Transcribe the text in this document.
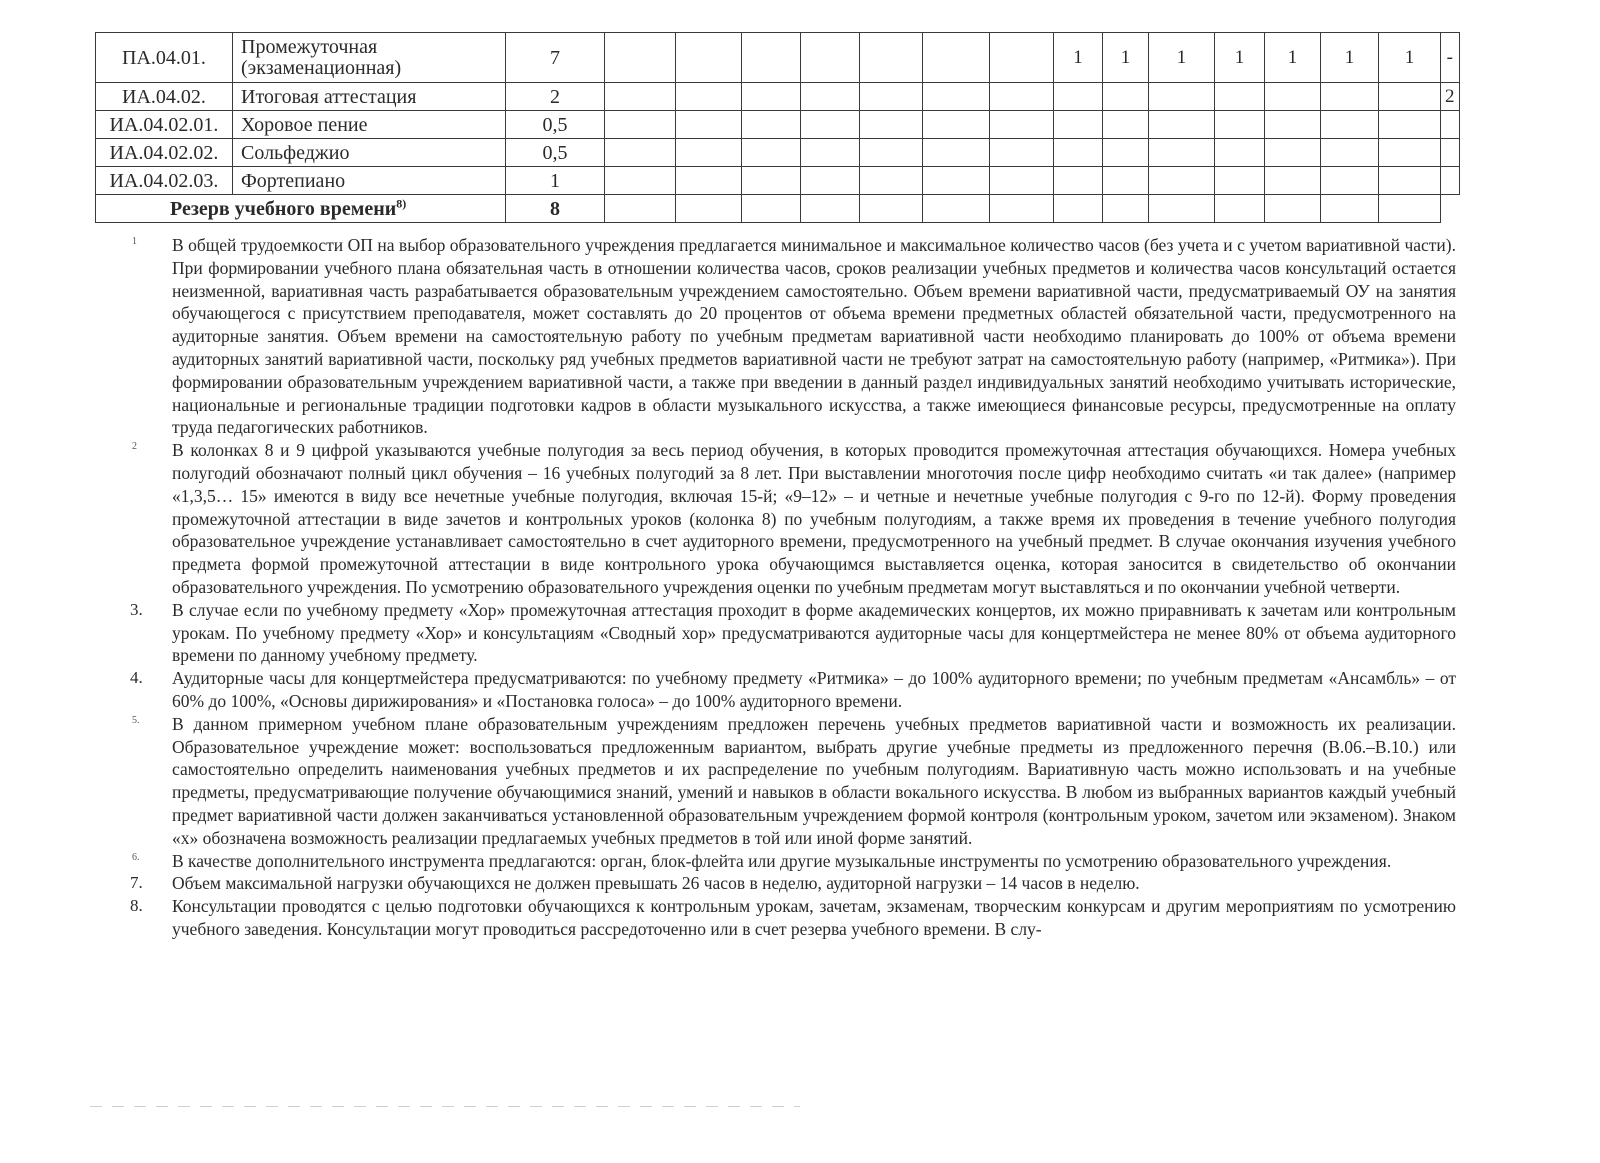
ПА.04.01.	Промежуточная (экзаменационная)	7								1	1	1	1	1	1	1	-
ИА.04.02.	Итоговая аттестация	2															2
ИА.04.02.01.	Хоровое пение	0,5															
ИА.04.02.02.	Сольфеджио	0,5															
ИА.04.02.03.	Фортепиано	1															
Резерв учебного времени$^{8)}$		8															
1	В общей трудоемкости ОП на выбор образовательного учреждения предлагается минимальное и максимальное количество часов (без учета и с учетом вариативной части). При формировании учебного плана обязательная часть в отношении количества часов, сроков реализации учебных предметов и количества часов консультаций остается неизменной, вариативная часть разрабатывается образовательным учреждением самостоятельно. Объем времени вариативной части, предусматриваемый ОУ на занятия обучающегося с присутствием преподавателя, может составлять до 20 процентов от объема времени предметных областей обязательной части, предусмотренного на аудиторные занятия. Объем времени на самостоятельную работу по учебным предметам вариативной части необходимо планировать до 100% от объема времени аудиторных занятий вариативной части, поскольку ряд учебных предметов вариативной части не требуют затрат на самостоятельную работу (например, «Ритмика»). При формировании образовательным учреждением вариативной части, а также при введении в данный раздел индивидуальных занятий необходимо учитывать исторические, национальные и региональные традиции подготовки кадров в области музыкального искусства, а также имеющиеся финансовые ресурсы, предусмотренные на оплату труда педагогических работников.
2	В колонках 8 и 9 цифрой указываются учебные полугодия за весь период обучения, в которых проводится промежуточная аттестация обучающихся. Номера учебных полугодий обозначают полный цикл обучения – 16 учебных полугодий за 8 лет. При выставлении многоточия после цифр необходимо считать «и так далее» (например «1,3,5… 15» имеются в виду все нечетные учебные полугодия, включая 15-й; «9–12» – и четные и нечетные учебные полугодия с 9-го по 12-й). Форму проведения промежуточной аттестации в виде зачетов и контрольных уроков (колонка 8) по учебным полугодиям, а также время их проведения в течение учебного полугодия образовательное учреждение устанавливает самостоятельно в счет аудиторного времени, предусмотренного на учебный предмет. В случае окончания изучения учебного предмета формой промежуточной аттестации в виде контрольного урока обучающимся выставляется оценка, которая заносится в свидетельство об окончании образовательного учреждения. По усмотрению образовательного учреждения оценки по учебным предметам могут выставляться и по окончании учебной четверти.
3.	В случае если по учебному предмету «Хор» промежуточная аттестация проходит в форме академических концертов, их можно приравнивать к зачетам или контрольным урокам. По учебному предмету «Хор» и консультациям «Сводный хор» предусматриваются аудиторные часы для концертмейстера не менее 80% от объема аудиторного времени по данному учебному предмету.
4.	Аудиторные часы для концертмейстера предусматриваются: по учебному предмету «Ритмика» – до 100% аудиторного времени; по учебным предметам «Ансамбль» – от 60% до 100%, «Основы дирижирования» и «Постановка голоса» – до 100% аудиторного времени.
5.	В данном примерном учебном плане образовательным учреждениям предложен перечень учебных предметов вариативной части и возможность их реализации. Образовательное учреждение может: воспользоваться предложенным вариантом, выбрать другие учебные предметы из предложенного перечня (В.06.–В.10.) или самостоятельно определить наименования учебных предметов и их распределение по учебным полугодиям. Вариативную часть можно использовать и на учебные предметы, предусматривающие получение обучающимися знаний, умений и навыков в области вокального искусства. В любом из выбранных вариантов каждый учебный предмет вариативной части должен заканчиваться установленной образовательным учреждением формой контроля (контрольным уроком, зачетом или экзаменом). Знаком «х» обозначена возможность реализации предлагаемых учебных предметов в той или иной форме занятий.
6.	В качестве дополнительного инструмента предлагаются: орган, блок-флейта или другие музыкальные инструменты по усмотрению образовательного учреждения.
7.	Объем максимальной нагрузки обучающихся не должен превышать 26 часов в неделю, аудиторной нагрузки – 14 часов в неделю.
8.	Консультации проводятся с целью подготовки обучающихся к контрольным урокам, зачетам, экзаменам, творческим конкурсам и другим мероприятиям по усмотрению учебного заведения. Консультации могут проводиться рассредоточенно или в счет резерва учебного времени. В слу-
